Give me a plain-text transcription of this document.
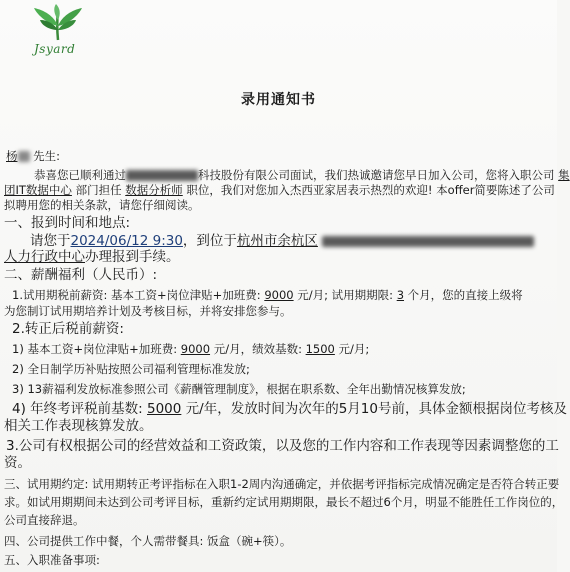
Jsyard
录用通知书
杨 先生:
恭喜您已顺利通过	科技股份有限公司面试，我们热诚邀请您早日加入公司，您将入职公司 集
团IT数据中心 部门担任 数据分析师 职位，我们对您加入杰西亚家居表示热烈的欢迎! 本offer简要陈述了公司
拟聘用您的相关条款，请您仔细阅读。
一、报到时间和地点:
请您于2024/06/12 9:30，到位于杭州市余杭区
人力行政中心办理报到手续。
二、薪酬福利（人民币）:
1.试用期税前薪资: 基本工资+岗位津贴+加班费: 9000 元/月; 试用期期限: 3 个月，您的直接上级将
为您制订试用期培养计划及考核目标，并将安排您参与。
2.转正后税前薪资:
1) 基本工资+岗位津贴+加班费: 9000 元/月，绩效基数: 1500 元/月;
2) 全日制学历补贴按照公司福利管理标准发放;
3) 13薪福利发放标准参照公司《薪酬管理制度》，根据在职系数、全年出勤情况核算发放;
4) 年终考评税前基数: 5000 元/年，发放时间为次年的5月10号前，具体金额根据岗位考核及
相关工作表现核算发放。
3.公司有权根据公司的经营效益和工资政策，以及您的工作内容和工作表现等因素调整您的工
资。
三、试用期约定: 试用期转正考评指标在入职1-2周内沟通确定，并依据考评指标完成情况确定是否符合转正要
求。如试用期期间未达到公司考评目标，重新约定试用期期限，最长不超过6个月，明显不能胜任工作岗位的，
公司直接辞退。
四、公司提供工作中餐，个人需带餐具: 饭盒（碗+筷）。
五、入职准备事项:
